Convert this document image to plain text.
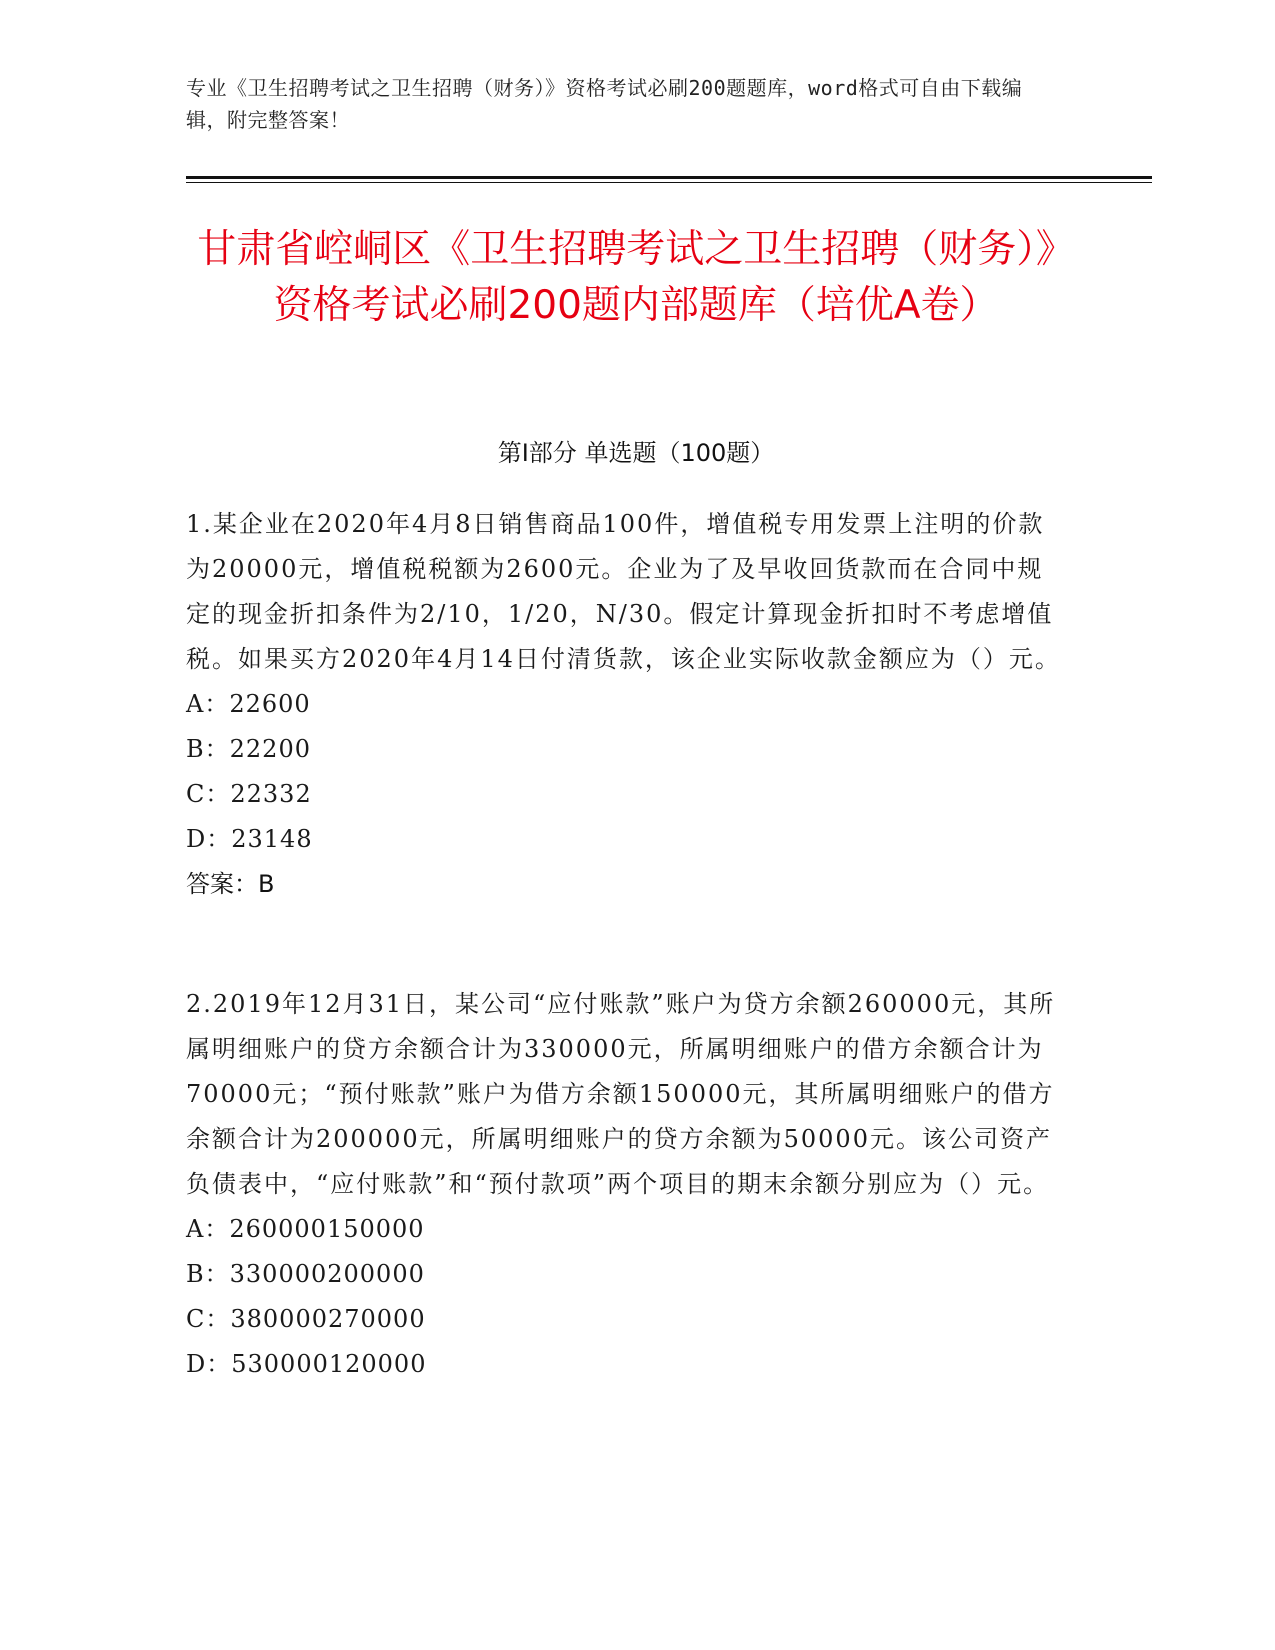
专业《卫生招聘考试之卫生招聘（财务）》资格考试必刷200题题库，word格式可自由下载编辑，附完整答案！
甘肃省崆峒区《卫生招聘考试之卫生招聘（财务）》资格考试必刷200题内部题库（培优A卷）
第I部分 单选题（100题）
1.某企业在2020年4月8日销售商品100件，增值税专用发票上注明的价款为20000元，增值税税额为2600元。企业为了及早收回货款而在合同中规定的现金折扣条件为2/10，1/20，N/30。假定计算现金折扣时不考虑增值税。如果买方2020年4月14日付清货款，该企业实际收款金额应为（）元。
A：22600
B：22200
C：22332
D：23148
答案：B
2.2019年12月31日，某公司“应付账款”账户为贷方余额260000元，其所属明细账户的贷方余额合计为330000元，所属明细账户的借方余额合计为70000元；“预付账款”账户为借方余额150000元，其所属明细账户的借方余额合计为200000元，所属明细账户的贷方余额为50000元。该公司资产负债表中，“应付账款”和“预付款项”两个项目的期末余额分别应为（）元。
A：260000150000
B：330000200000
C：380000270000
D：530000120000
